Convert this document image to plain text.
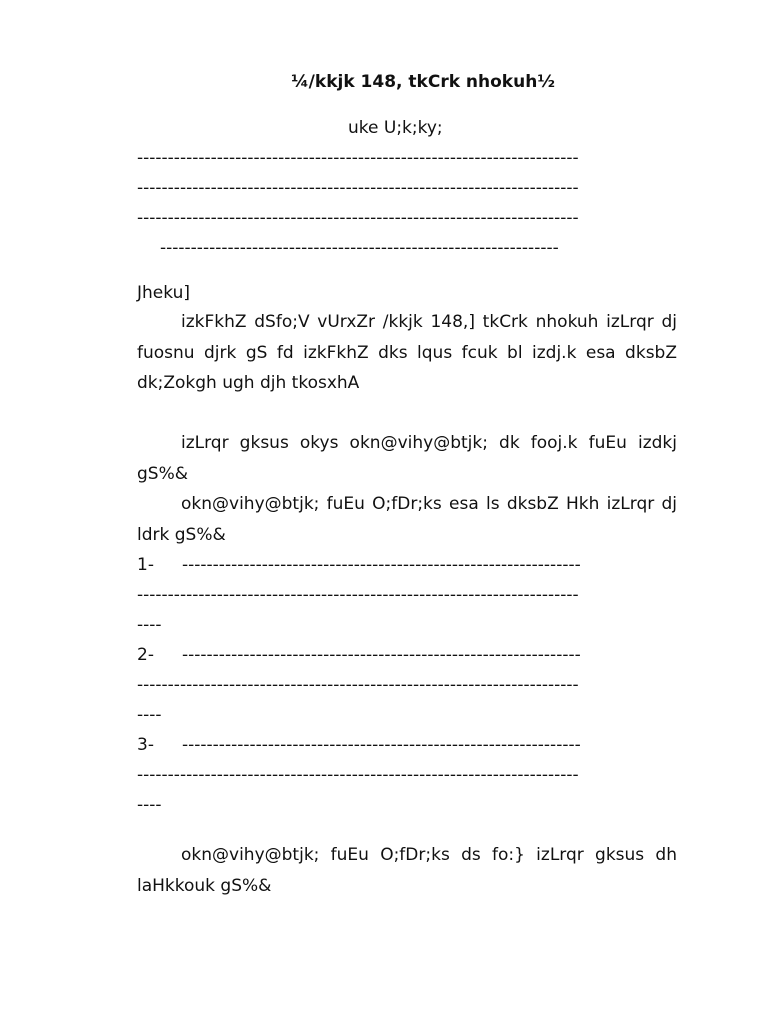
¼/kkjk 148, tkCrk nhokuh½
uke U;k;ky;
------------------------------------------------------------------------
------------------------------------------------------------------------
------------------------------------------------------------------------
-----------------------------------------------------------------
Jheku]

izkFkhZ dSfo;V vUrxZr /kkjk 148,] tkCrk nhokuh izLrqr dj fuosnu djrk gS fd izkFkhZ dks lqus fcuk bl izdj.k esa dksbZ dk;Zokgh ugh djh tkosxhA

izLrqr gksus okys okn@vihy@btjk; dk fooj.k fuEu izdkj gS%&

okn@vihy@btjk; fuEu O;fDr;ks esa ls dksbZ Hkh izLrqr dj ldrk gS%&

1-	-----------------------------------------------------------------
------------------------------------------------------------------------
----
2-	-----------------------------------------------------------------
------------------------------------------------------------------------
----
3-	-----------------------------------------------------------------
------------------------------------------------------------------------
----

okn@vihy@btjk; fuEu O;fDr;ks ds fo:} izLrqr gksus dh laHkkouk gS%&
